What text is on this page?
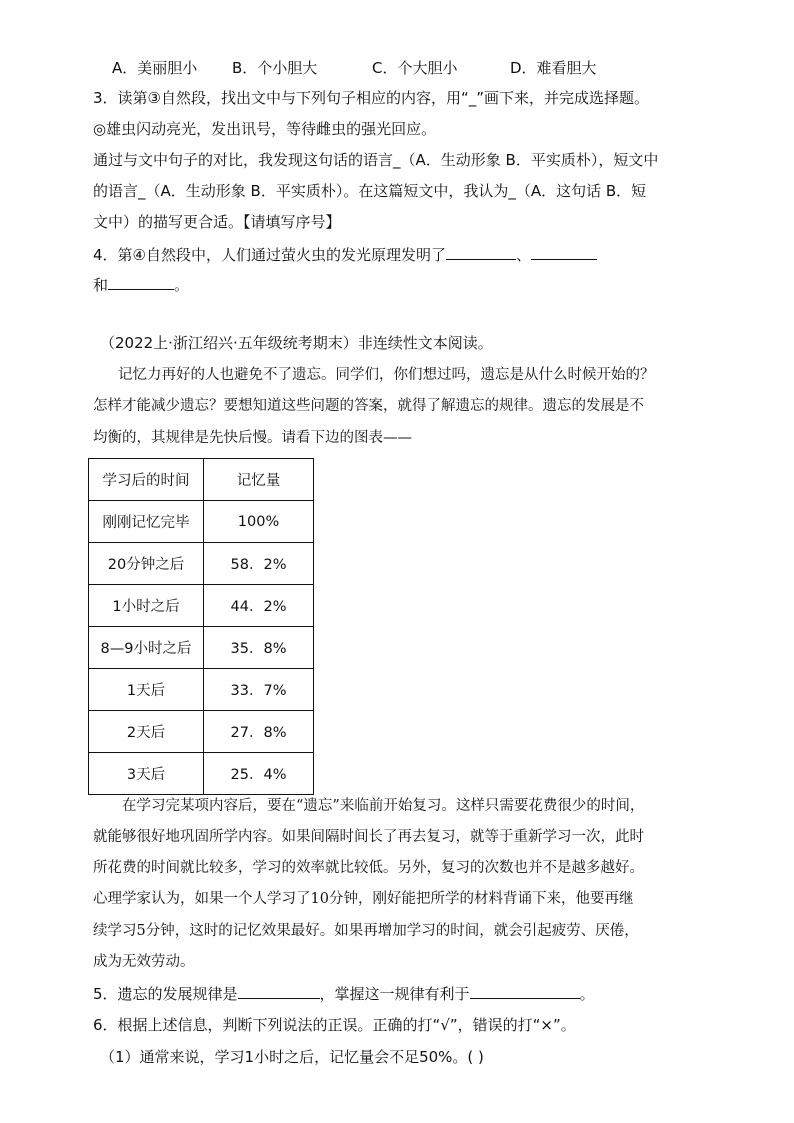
A．美丽胆小 B．个小胆大	C．个大胆小	D．难看胆大
3．读第③自然段，找出文中与下列句子相应的内容，用“_”画下来，并完成选择题。
◎雄虫闪动亮光，发出讯号，等待雌虫的强光回应。
通过与文中句子的对比，我发现这句话的语言_（A．生动形象 B．平实质朴），短文中
的语言_（A．生动形象 B．平实质朴）。在这篇短文中，我认为_（A．这句话 B．短
文中）的描写更合适。【请填写序号】
4．第④自然段中，人们通过萤火虫的发光原理发明了	、
和	。
（2022上·浙江绍兴·五年级统考期末）非连续性文本阅读。
记忆力再好的人也避免不了遗忘。同学们，你们想过吗，遗忘是从什么时候开始的？
怎样才能减少遗忘？要想知道这些问题的答案，就得了解遗忘的规律。遗忘的发展是不
均衡的，其规律是先快后慢。请看下边的图表——
学习后的时间	记忆量
刚刚记忆完毕	100%
20分钟之后	58．2%
1小时之后	44．2%
8—9小时之后	35．8%
1天后	33．7%
2天后	27．8%
3天后	25．4%
在学习完某项内容后，要在“遗忘”来临前开始复习。这样只需要花费很少的时间，
就能够很好地巩固所学内容。如果间隔时间长了再去复习，就等于重新学习一次，此时
所花费的时间就比较多，学习的效率就比较低。另外，复习的次数也并不是越多越好。
心理学家认为，如果一个人学习了10分钟，刚好能把所学的材料背诵下来，他要再继
续学习5分钟，这时的记忆效果最好。如果再增加学习的时间，就会引起疲劳、厌倦，
成为无效劳动。
5．遗忘的发展规律是	，掌握这一规律有利于	。
6．根据上述信息，判断下列说法的正误。正确的打“√”，错误的打“×”。
（1）通常来说，学习1小时之后，记忆量会不足50%。( )
